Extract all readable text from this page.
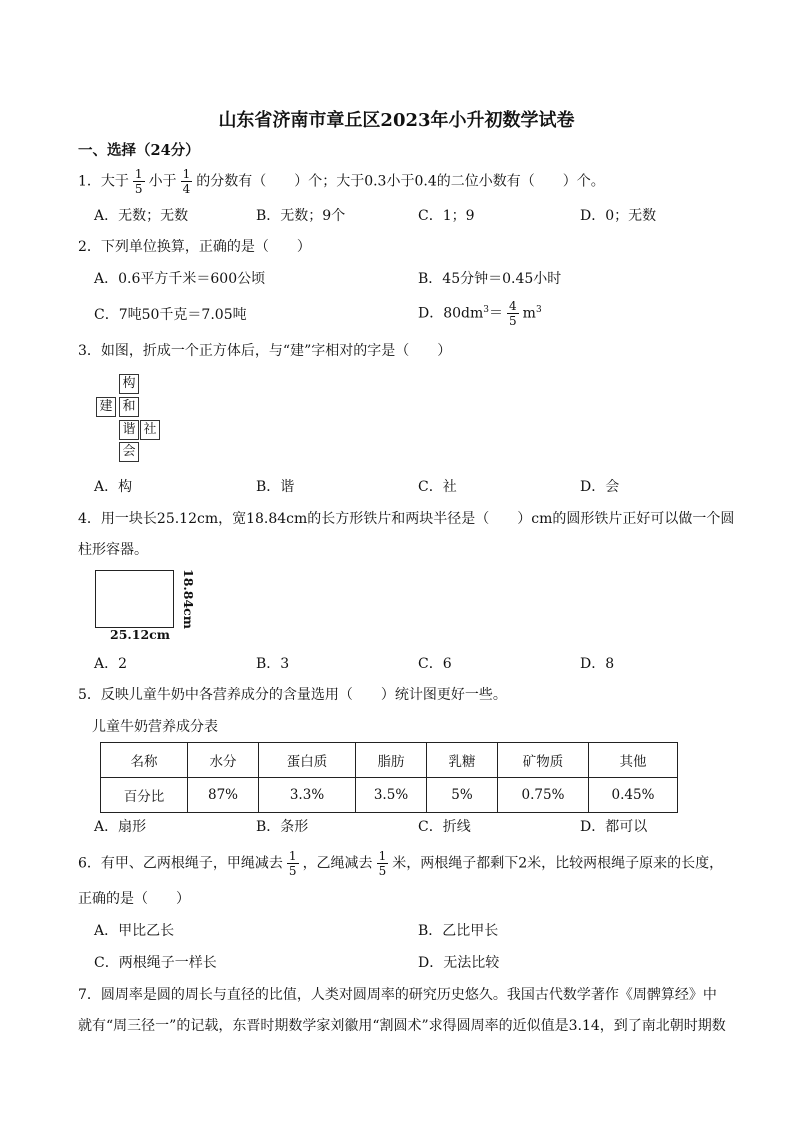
山东省济南市章丘区2023年小升初数学试卷
一、选择（24分）
1．大于 $\frac{1}{5}$ 小于 $\frac{1}{4}$ 的分数有（　　）个；大于0.3小于0.4的二位小数有（　　）个。
A．无数；无数	B．无数；9个	C．1；9	D．0；无数
2．下列单位换算，正确的是（　　）
A．0.6平方千米＝600公顷	B．45分钟＝0.45小时
C．7吨50千克＝7.05吨	D．$80dm^3= \frac{4}{5} m^3$
3．如图，折成一个正方体后，与“建”字相对的字是（　　）
构
建 和
谐 社
会
A．构	B．谐	C．社	D．会
4．用一块长25.12cm，宽18.84cm的长方形铁片和两块半径是（　　）cm的圆形铁片正好可以做一个圆
柱形容器。
18.84cm
25.12cm
A．2	B．3	C．6	D．8
5．反映儿童牛奶中各营养成分的含量选用（　　）统计图更好一些。
儿童牛奶营养成分表
名称	水分	蛋白质	脂肪	乳糖	矿物质	其他
百分比	87%	3.3%	3.5%	5%	0.75%	0.45%
A．扇形	B．条形	C．折线	D．都可以
6．有甲、乙两根绳子，甲绳减去 $\frac{1}{5}$ ，乙绳减去 $\frac{1}{5}$ 米，两根绳子都剩下2米，比较两根绳子原来的长度，
正确的是（　　）
A．甲比乙长	B．乙比甲长
C．两根绳子一样长	D．无法比较
7．圆周率是圆的周长与直径的比值，人类对圆周率的研究历史悠久。我国古代数学著作《周髀算经》中
就有“周三径一”的记载，东晋时期数学家刘徽用“割圆术”求得圆周率的近似值是3.14，到了南北朝时期数
